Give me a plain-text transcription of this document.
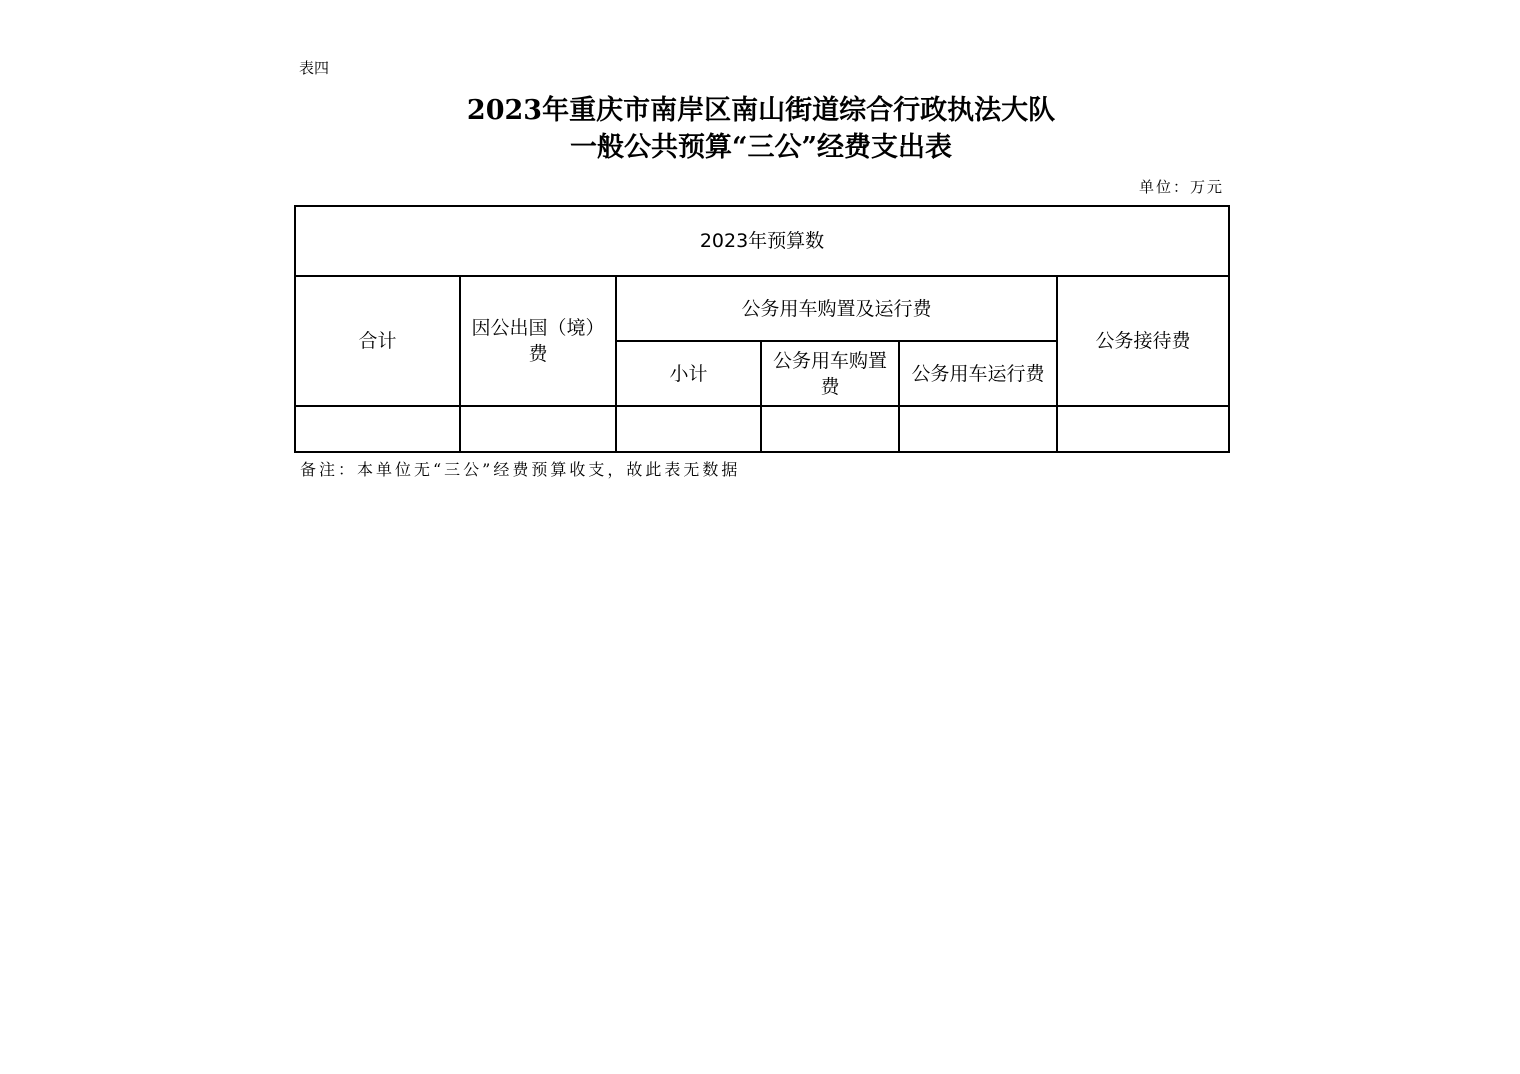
表四
2023年重庆市南岸区南山街道综合行政执法大队
一般公共预算“三公”经费支出表
单位：万元
2023年预算数					
合计	因公出国（境）费	公务用车购置及运行费			公务接待费
		小计	公务用车购置费	公务用车运行费	

备注：本单位无“三公”经费预算收支，故此表无数据
